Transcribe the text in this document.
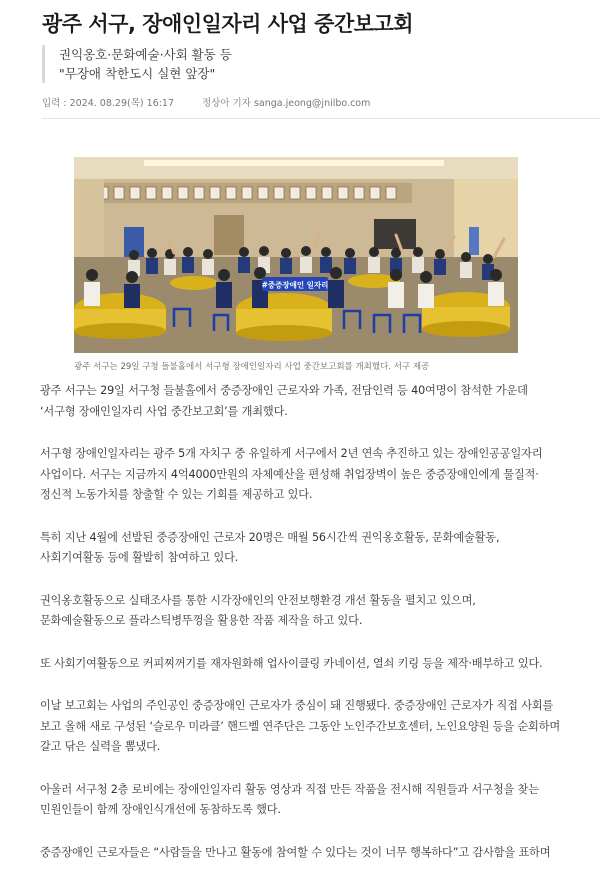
광주 서구, 장애인일자리 사업 중간보고회
권익옹호·문화예술·사회 활동 등
"무장애 착한도시 실현 앞장"
입력 : 2024. 08.29(목) 16:17	정상아 기자 sanga.jeong@jnilbo.com
#중증장애인 일자리
광주 서구는 29일 구청 들불홀에서 서구형 장애인일자리 사업 중간보고회를 개최했다. 서구 제공

광주 서구는 29일 서구청 들불홀에서 중증장애인 근로자와 가족, 전담인력 등 40여명이 참석한 가운데 ‘서구형 장애인일자리 사업 중간보고회’를 개최했다.

서구형 장애인일자리는 광주 5개 자치구 중 유일하게 서구에서 2년 연속 추진하고 있는 장애인공공일자리 사업이다. 서구는 지금까지 4억4000만원의 자체예산을 편성해 취업장벽이 높은 중증장애인에게 물질적·정신적 노동가치를 창출할 수 있는 기회를 제공하고 있다.

특히 지난 4월에 선발된 중증장애인 근로자 20명은 매월 56시간씩 권익옹호활동, 문화예술활동, 사회기여활동 등에 활발히 참여하고 있다.

권익옹호활동으로 실태조사를 통한 시각장애인의 안전보행환경 개선 활동을 펼치고 있으며, 문화예술활동으로 플라스틱병뚜껑을 활용한 작품 제작을 하고 있다.

또 사회기여활동으로 커피찌꺼기를 재자원화해 업사이클링 카네이션, 열쇠 키링 등을 제작·배부하고 있다.

이날 보고회는 사업의 주인공인 중증장애인 근로자가 중심이 돼 진행됐다. 중증장애인 근로자가 직접 사회를 보고 올해 새로 구성된 ‘슬로우 미라클’ 핸드벨 연주단은 그동안 노인주간보호센터, 노인요양원 등을 순회하며 갈고 닦은 실력을 뽐냈다.

아울러 서구청 2층 로비에는 장애인일자리 활동 영상과 직접 만든 작품을 전시해 직원들과 서구청을 찾는 민원인들이 함께 장애인식개선에 동참하도록 했다.

중증장애인 근로자들은 “사람들을 만나고 활동에 참여할 수 있다는 것이 너무 행복하다”고 감사함을 표하며
